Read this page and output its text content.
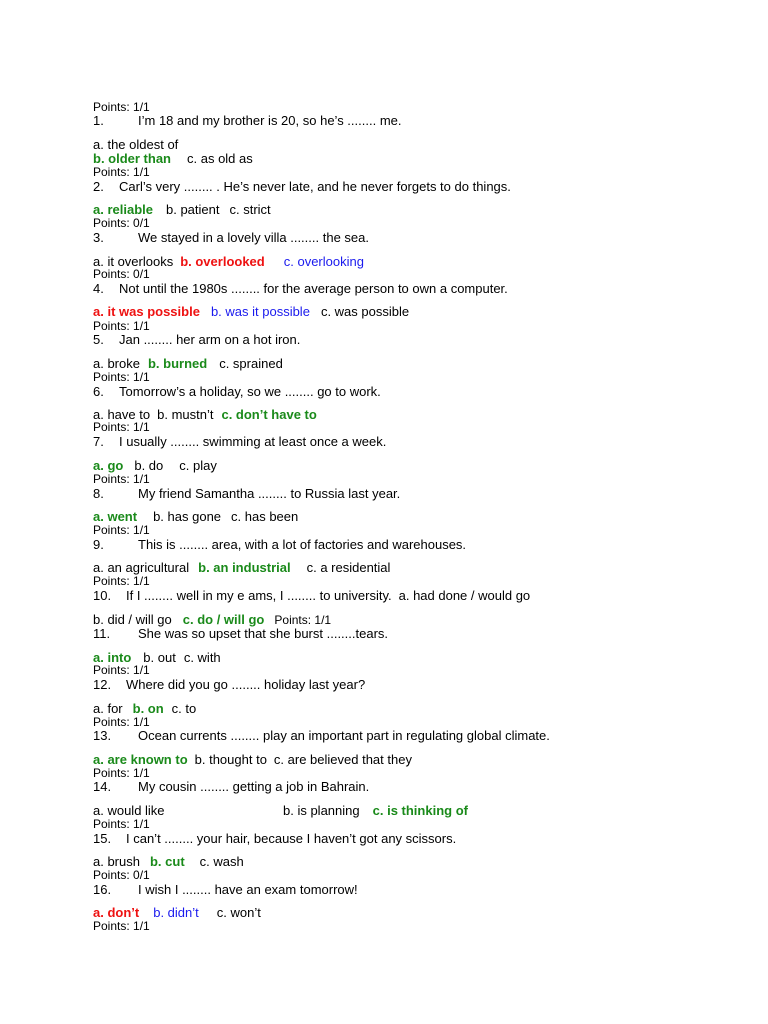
Points: 1/1
1.	I’m 18 and my brother is 20, so he’s ........ me.
a. the oldest of
b. older than c. as old as
Points: 1/1
2. Carl’s very ........ . He’s never late, and he never forgets to do things.
a. reliable b. patient c. strict
Points: 0/1
3.	We stayed in a lovely villa ........ the sea.
a. it overlooks b. overlooked c. overlooking
Points: 0/1
4. Not until the 1980s ........ for the average person to own a computer.
a. it was possible b. was it possible c. was possible
Points: 1/1
5. Jan ........ her arm on a hot iron.
a. broke b. burned c. sprained
Points: 1/1
6. Tomorrow’s a holiday, so we ........ go to work.
a. have to b. mustn’t c. don’t have to
Points: 1/1
7. I usually ........ swimming at least once a week.
a. go b. do c. play
Points: 1/1
8.	My friend Samantha ........ to Russia last year.
a. went b. has gone c. has been
Points: 1/1
9.	This is ........ area, with a lot of factories and warehouses.
a. an agricultural b. an industrial c. a residential
Points: 1/1
10. If I ........ well in my e ams, I ........ to university. a. had done / would go
b. did / will go c. do / will go Points: 1/1
11. She was so upset that she burst ........tears.
a. into b. out c. with
Points: 1/1
12. Where did you go ........ holiday last year?
a. for b. on c. to
Points: 1/1
13. Ocean currents ........ play an important part in regulating global climate.
a. are known to b. thought to c. are believed that they
Points: 1/1
14. My cousin ........ getting a job in Bahrain.
a. would like	b. is planning c. is thinking of
Points: 1/1
15. I can’t ........ your hair, because I haven’t got any scissors.
a. brush b. cut c. wash
Points: 0/1
16. I wish I ........ have an exam tomorrow!
a. don’t b. didn’t c. won’t
Points: 1/1
